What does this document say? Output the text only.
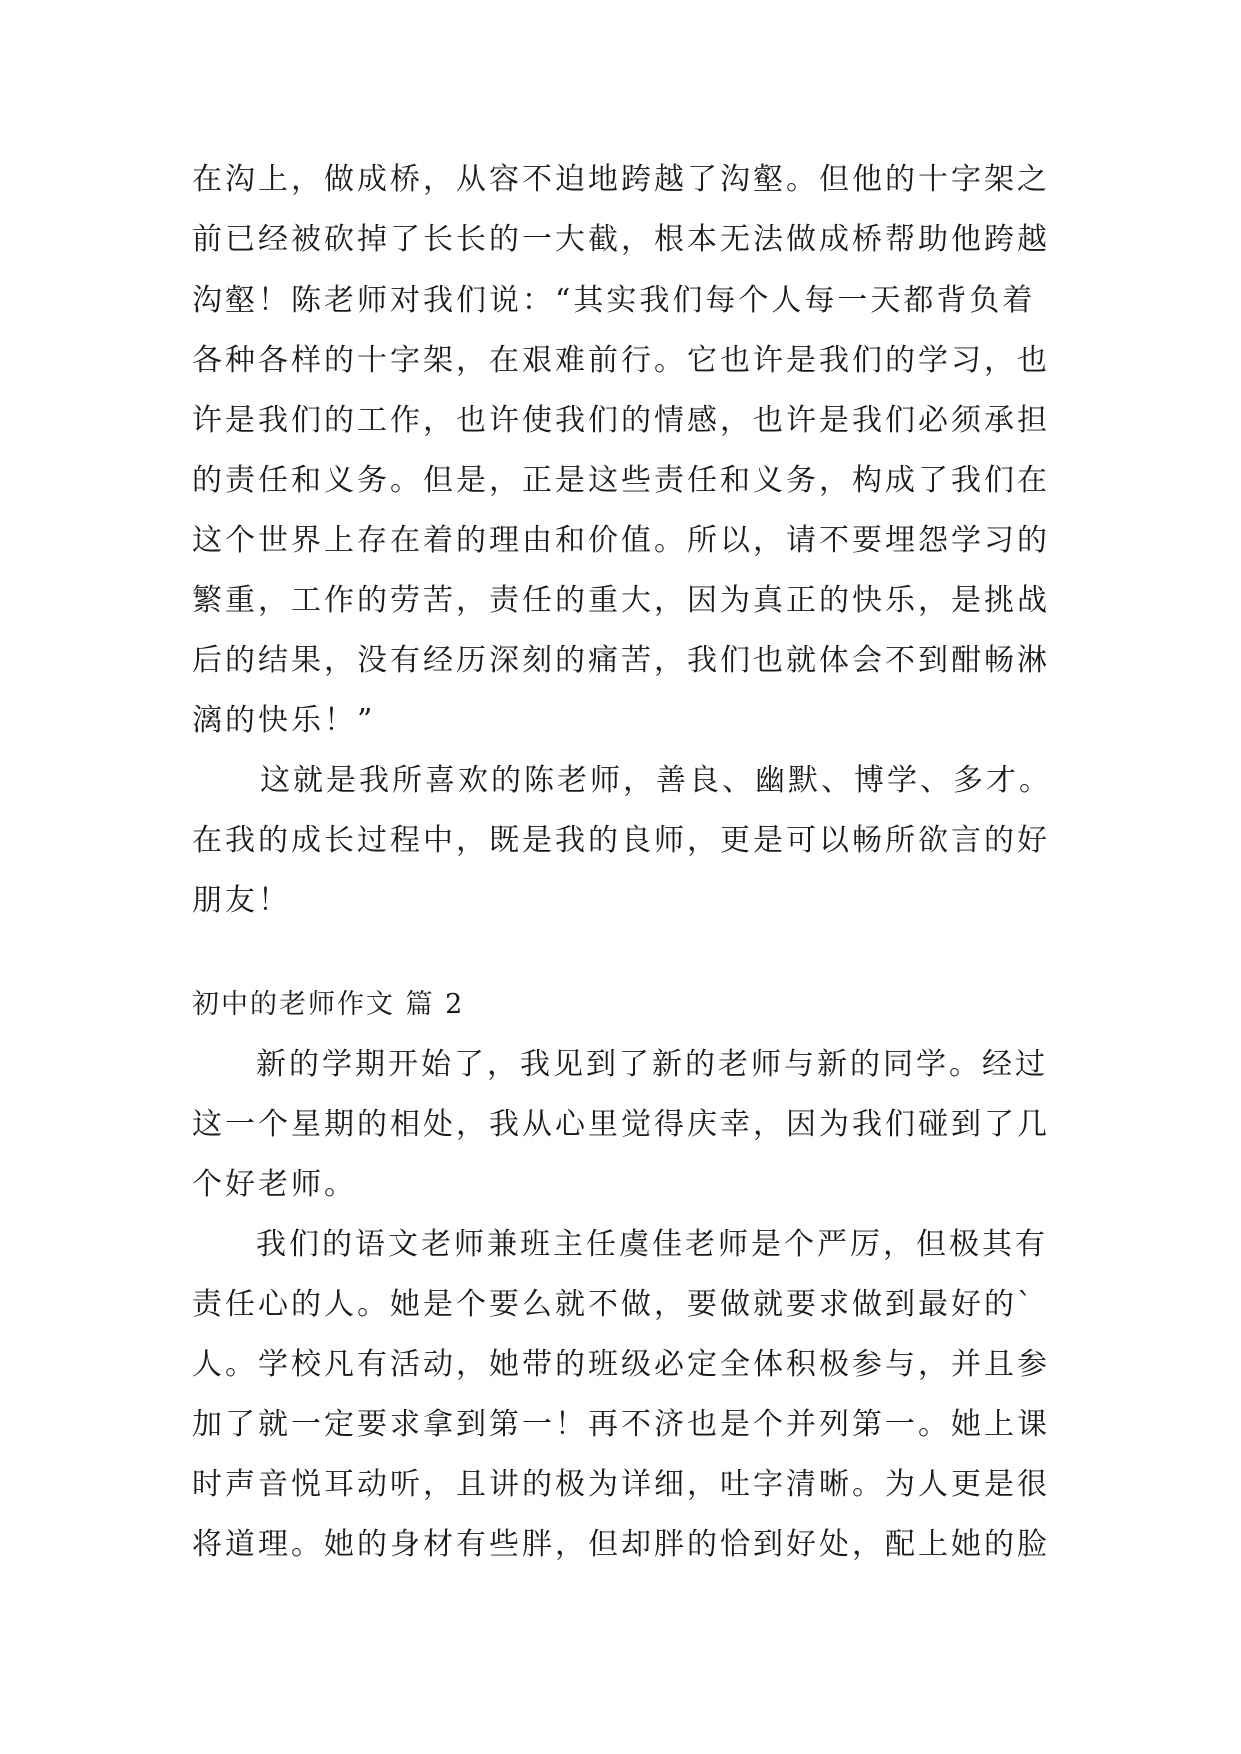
在沟上，做成桥，从容不迫地跨越了沟壑。但他的十字架之
前已经被砍掉了长长的一大截，根本无法做成桥帮助他跨越
沟壑！陈老师对我们说：“其实我们每个人每一天都背负着
各种各样的十字架，在艰难前行。它也许是我们的学习，也
许是我们的工作，也许使我们的情感，也许是我们必须承担
的责任和义务。但是，正是这些责任和义务，构成了我们在
这个世界上存在着的理由和价值。所以，请不要埋怨学习的
繁重，工作的劳苦，责任的重大，因为真正的快乐，是挑战
后的结果，没有经历深刻的痛苦，我们也就体会不到酣畅淋
漓的快乐！”
这就是我所喜欢的陈老师，善良、幽默、博学、多才。
在我的成长过程中，既是我的良师，更是可以畅所欲言的好
朋友！
初中的老师作文 篇 2
新的学期开始了，我见到了新的老师与新的同学。经过
这一个星期的相处，我从心里觉得庆幸，因为我们碰到了几
个好老师。
我们的语文老师兼班主任虞佳老师是个严厉，但极其有
责任心的人。她是个要么就不做，要做就要求做到最好的`
人。学校凡有活动，她带的班级必定全体积极参与，并且参
加了就一定要求拿到第一！再不济也是个并列第一。她上课
时声音悦耳动听，且讲的极为详细，吐字清晰。为人更是很
将道理。她的身材有些胖，但却胖的恰到好处，配上她的脸
